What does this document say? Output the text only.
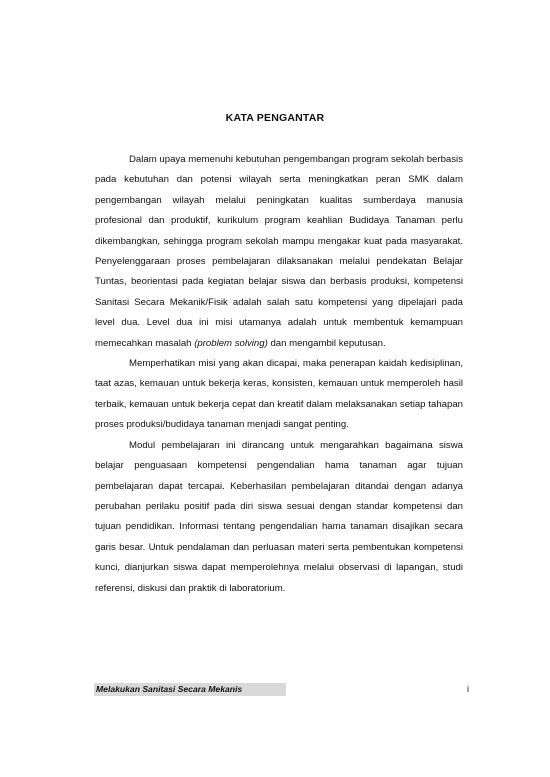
KATA PENGANTAR

Dalam upaya memenuhi kebutuhan pengembangan program sekolah berbasis pada kebutuhan dan potensi wilayah serta meningkatkan peran SMK dalam pengembangan wilayah melalui peningkatan kualitas sumberdaya manusia profesional dan produktif, kurikulum program keahlian Budidaya Tanaman perlu dikembangkan, sehingga program sekolah mampu mengakar kuat pada masyarakat. Penyelenggaraan proses pembelajaran dilaksanakan melalui pendekatan Belajar Tuntas, beorientasi pada kegiatan belajar siswa dan berbasis produksi, kompetensi Sanitasi Secara Mekanik/Fisik adalah salah satu kompetensi yang dipelajari pada level dua. Level dua ini misi utamanya adalah untuk membentuk kemampuan memecahkan masalah (problem solving) dan mengambil keputusan.

Memperhatikan misi yang akan dicapai, maka penerapan kaidah kedisiplinan, taat azas, kemauan untuk bekerja keras, konsisten, kemauan untuk memperoleh hasil terbaik, kemauan untuk bekerja cepat dan kreatif dalam melaksanakan setiap tahapan proses produksi/budidaya tanaman menjadi sangat penting.

Modul pembelajaran ini dirancang untuk mengarahkan bagaimana siswa belajar penguasaan kompetensi pengendalian hama tanaman agar tujuan pembelajaran dapat tercapai. Keberhasilan pembelajaran ditandai dengan adanya perubahan perilaku positif pada diri siswa sesuai dengan standar kompetensi dan tujuan pendidikan. Informasi tentang pengendalian hama tanaman disajikan secara garis besar. Untuk pendalaman dan perluasan materi serta pembentukan kompetensi kunci, dianjurkan siswa dapat memperolehnya melalui observasi di lapangan, studi referensi, diskusi dan praktik di laboratorium.

Melakukan Sanitasi Secara Mekanis	i
